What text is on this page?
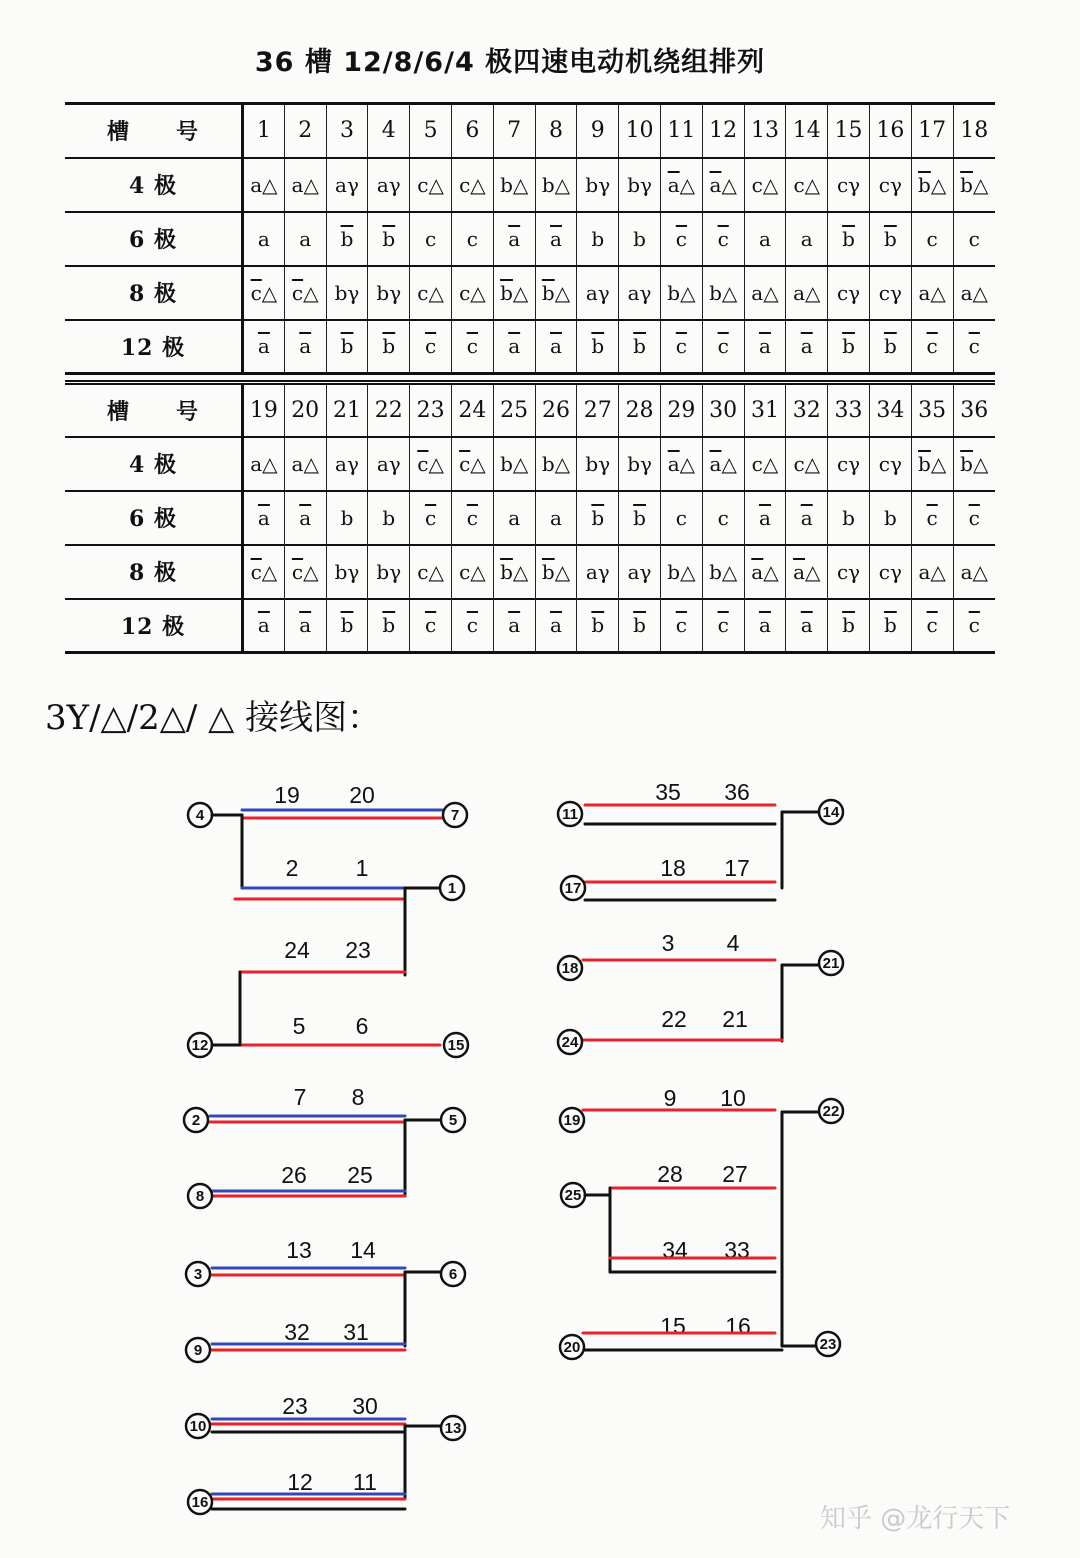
36 槽 12/8/6/4 极四速电动机绕组排列
槽　　号	1	2	3	4	5	6	7	8	9	10	11	12	13	14	15	16	17	18
4 极	a△	a△	aγ	aγ	c△	c△	b△	b△	bγ	bγ	$\overline{a}\triangle$	$\overline{a}\triangle$	c△	c△	cγ	cγ	$\overline{b}\triangle$	$\overline{b}\triangle$
6 极	a	a	$\overline{b}$	$\overline{b}$	c	c	$\overline{a}$	$\overline{a}$	b	b	$\overline{c}$	$\overline{c}$	a	a	$\overline{b}$	$\overline{b}$	c	c
8 极	$\overline{c}\triangle$	$\overline{c}\triangle$	bγ	bγ	c△	c△	$\overline{b}\triangle$	$\overline{b}\triangle$	aγ	aγ	b△	b△	a△	a△	cγ	cγ	a△	a△
12 极	$\overline{a}$	$\overline{a}$	$\overline{b}$	$\overline{b}$	$\overline{c}$	$\overline{c}$	$\overline{a}$	$\overline{a}$	$\overline{b}$	$\overline{b}$	$\overline{c}$	$\overline{c}$	$\overline{a}$	$\overline{a}$	$\overline{b}$	$\overline{b}$	$\overline{c}$	$\overline{c}$
槽　　号	19	20	21	22	23	24	25	26	27	28	29	30	31	32	33	34	35	36
4 极	a△	a△	aγ	aγ	$\overline{c}\triangle$	$\overline{c}\triangle$	b△	b△	bγ	bγ	$\overline{a}\triangle$	$\overline{a}\triangle$	c△	c△	cγ	cγ	$\overline{b}\triangle$	$\overline{b}\triangle$
6 极	$\overline{a}$	$\overline{a}$	b	b	$\overline{c}$	$\overline{c}$	a	a	$\overline{b}$	$\overline{b}$	c	c	$\overline{a}$	$\overline{a}$	b	b	$\overline{c}$	$\overline{c}$
8 极	$\overline{c}\triangle$	$\overline{c}\triangle$	bγ	bγ	c△	c△	$\overline{b}\triangle$	$\overline{b}\triangle$	aγ	aγ	b△	b△	$\overline{a}\triangle$	$\overline{a}\triangle$	cγ	cγ	a△	a△
12 极	$\overline{a}$	$\overline{a}$	$\overline{b}$	$\overline{b}$	$\overline{c}$	$\overline{c}$	$\overline{a}$	$\overline{a}$	$\overline{b}$	$\overline{b}$	$\overline{c}$	$\overline{c}$	$\overline{a}$	$\overline{a}$	$\overline{b}$	$\overline{b}$	$\overline{c}$	$\overline{c}$
3Y/△/2△/ △ 接线图：
19 20
4	7
2 1
1
24 23
5 6
12	15
7 8
2	5
26 25
8
13 14
3	6
32 31
9
23 30
10	13
12 11
16
35 36
11	14
18 17
17
3 4
18	21
22 21
24
9 10
19
22
28 27
25
34 33
15 16
20	23
知乎 @龙行天下
